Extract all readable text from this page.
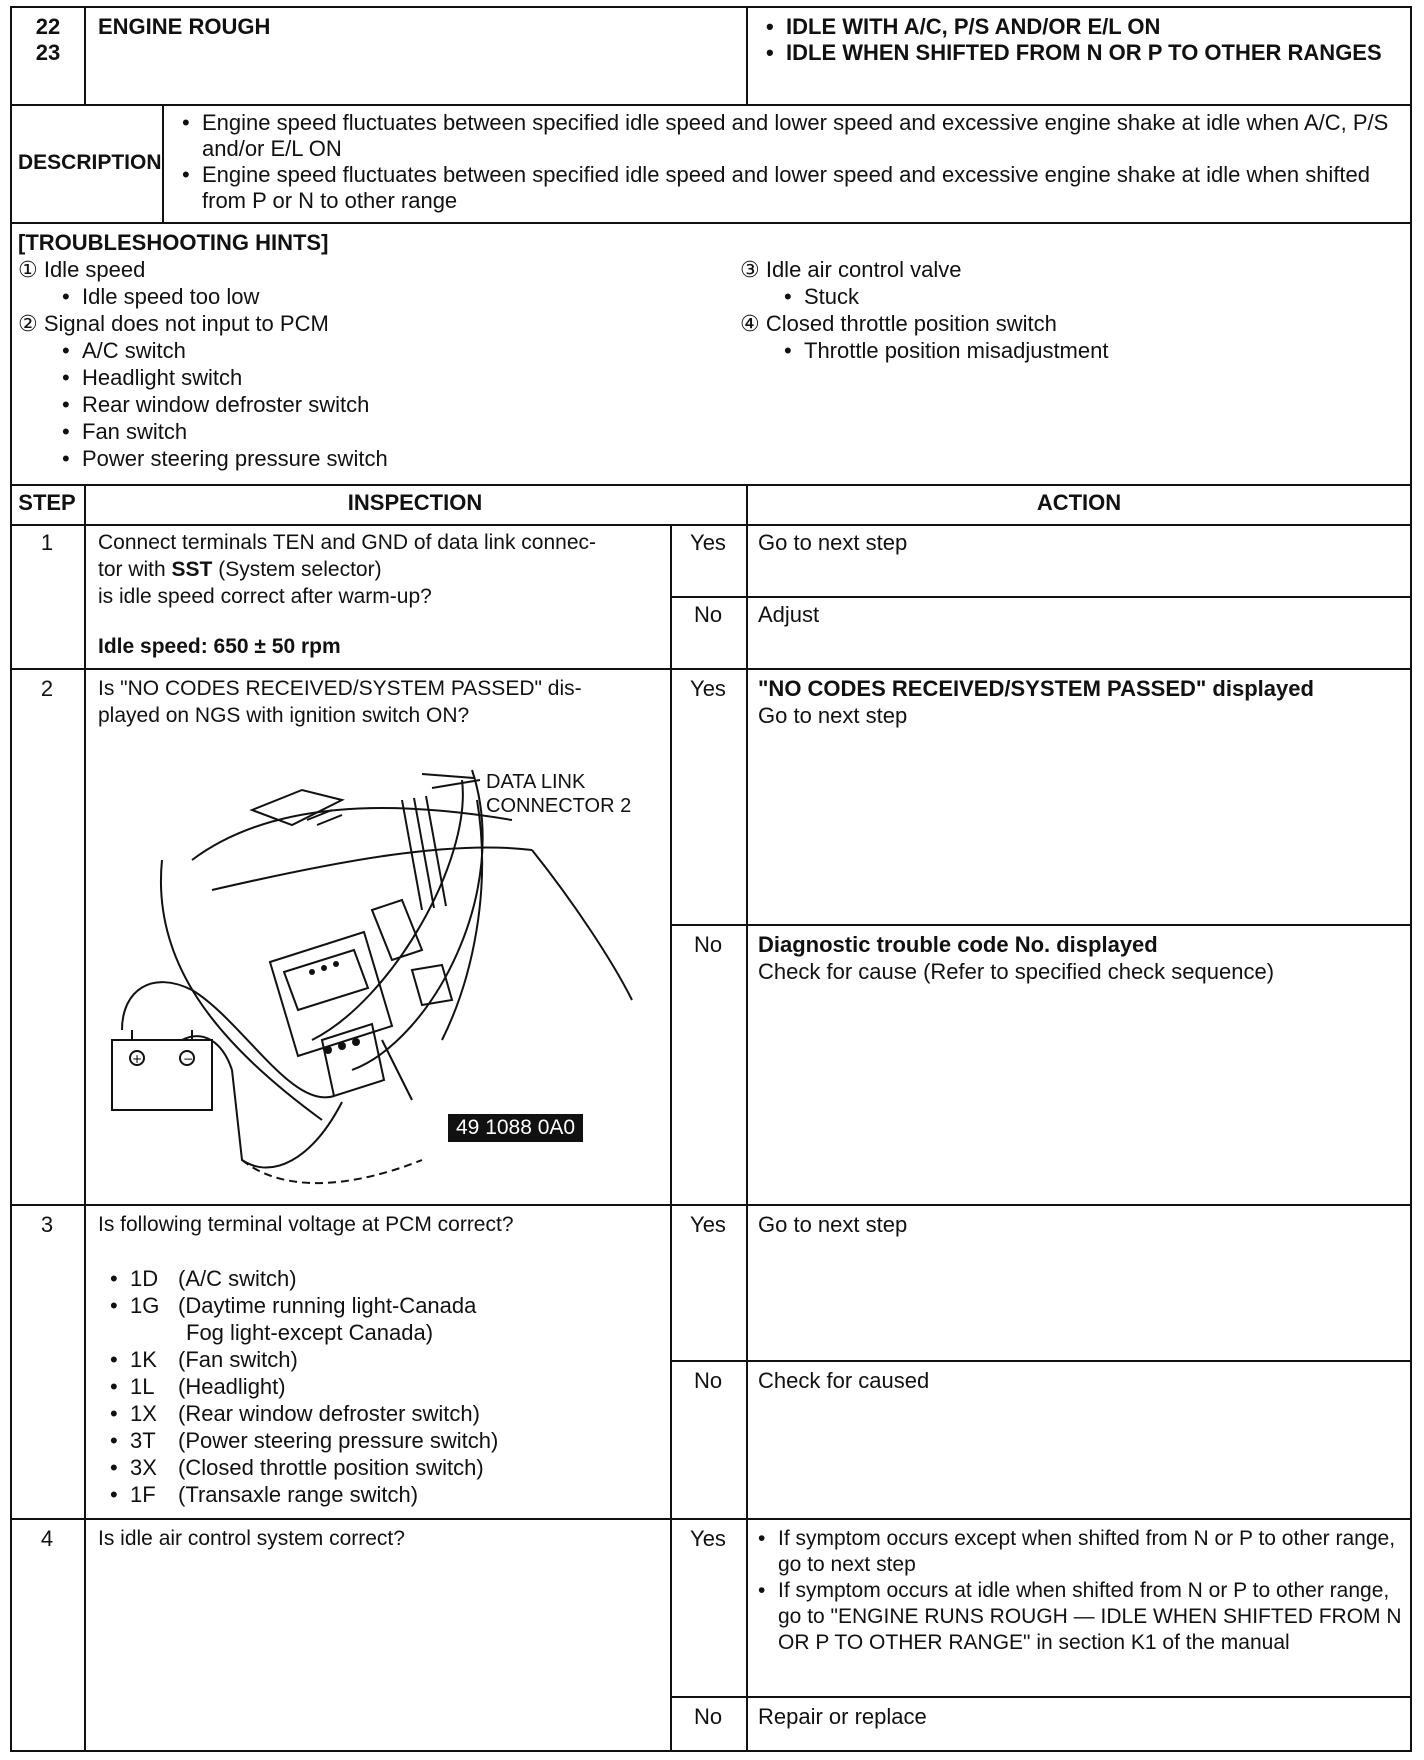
22
23
ENGINE ROUGH	• IDLE WITH A/C, P/S AND/OR E/L ON
• IDLE WHEN SHIFTED FROM N OR P TO OTHER RANGES
DESCRIPTION
• Engine speed fluctuates between specified idle speed and lower speed and excessive engine shake at idle when A/C, P/S and/or E/L ON
• Engine speed fluctuates between specified idle speed and lower speed and excessive engine shake at idle when shifted from P or N to other range
[TROUBLESHOOTING HINTS]
① Idle speed
• Idle speed too low
② Signal does not input to PCM
• A/C switch
• Headlight switch
• Rear window defroster switch
• Fan switch
• Power steering pressure switch
③ Idle air control valve
• Stuck
④ Closed throttle position switch
• Throttle position misadjustment
STEP	INSPECTION	ACTION
1	Connect terminals TEN and GND of data link connec-
tor with SST (System selector)
is idle speed correct after warm-up?
Idle speed: 650 ± 50 rpm
Yes	Go to next step
No	Adjust
2	Is "NO CODES RECEIVED/SYSTEM PASSED" dis-
played on NGS with ignition switch ON?
+	−
DATA LINK
CONNECTOR 2
49 1088 0A0
Yes	"NO CODES RECEIVED/SYSTEM PASSED" displayed
Go to next step
No	Diagnostic trouble code No. displayed
Check for cause (Refer to specified check sequence)
3	Is following terminal voltage at PCM correct?
• 1D (A/C switch)
• 1G (Daytime running light-Canada
Fog light-except Canada)
• 1K (Fan switch)
• 1L (Headlight)
• 1X (Rear window defroster switch)
• 3T (Power steering pressure switch)
• 3X (Closed throttle position switch)
• 1F (Transaxle range switch)
Yes	Go to next step
No	Check for caused
4	Is idle air control system correct?	Yes	• If symptom occurs except when shifted from N or P to other range, go to next step
• If symptom occurs at idle when shifted from N or P to other range, go to "ENGINE RUNS ROUGH — IDLE WHEN SHIFTED FROM N OR P TO OTHER RANGE" in section K1 of the manual
No	Repair or replace
